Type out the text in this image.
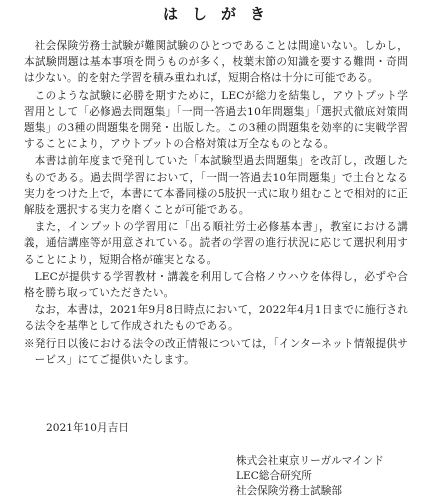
はしがき

社会保険労務士試験が難関試験のひとつであることは間違いない。しかし，本試験問題は基本事項を問うものが多く，枝葉末節の知識を要する難問・奇問は少ない。的を射た学習を積み重ねれば，短期合格は十分に可能である。

このような試験に必勝を期すために，LECが総力を結集し，アウトプット学習用として「必修過去問題集」「一問一答過去10年問題集」「選択式徹底対策問題集」の3種の問題集を開発・出版した。この3種の問題集を効率的に実戦学習することにより，アウトプットの合格対策は万全なものとなる。

本書は前年度まで発刊していた「本試験型過去問題集」を改訂し，改題したものである。過去問学習において，「一問一答過去10年問題集」で土台となる実力をつけた上で，本書にて本番同様の5肢択一式に取り組むことで相対的に正解肢を選択する実力を磨くことが可能である。

また，インプットの学習用に「出る順社労士必修基本書」，教室における講義，通信講座等が用意されている。読者の学習の進行状況に応じて選択利用することにより，短期合格が確実となる。

LECが提供する学習教材・講義を利用して合格ノウハウを体得し，必ずや合格を勝ち取っていただきたい。

なお，本書は，2021年9月8日時点において，2022年4月1日までに施行される法令を基準として作成されたものである。

※発行日以後における法令の改正情報については，「インターネット情報提供サービス」にてご提供いたします。

2021年10月吉日
株式会社東京リーガルマインド
LEC総合研究所
社会保険労務士試験部
